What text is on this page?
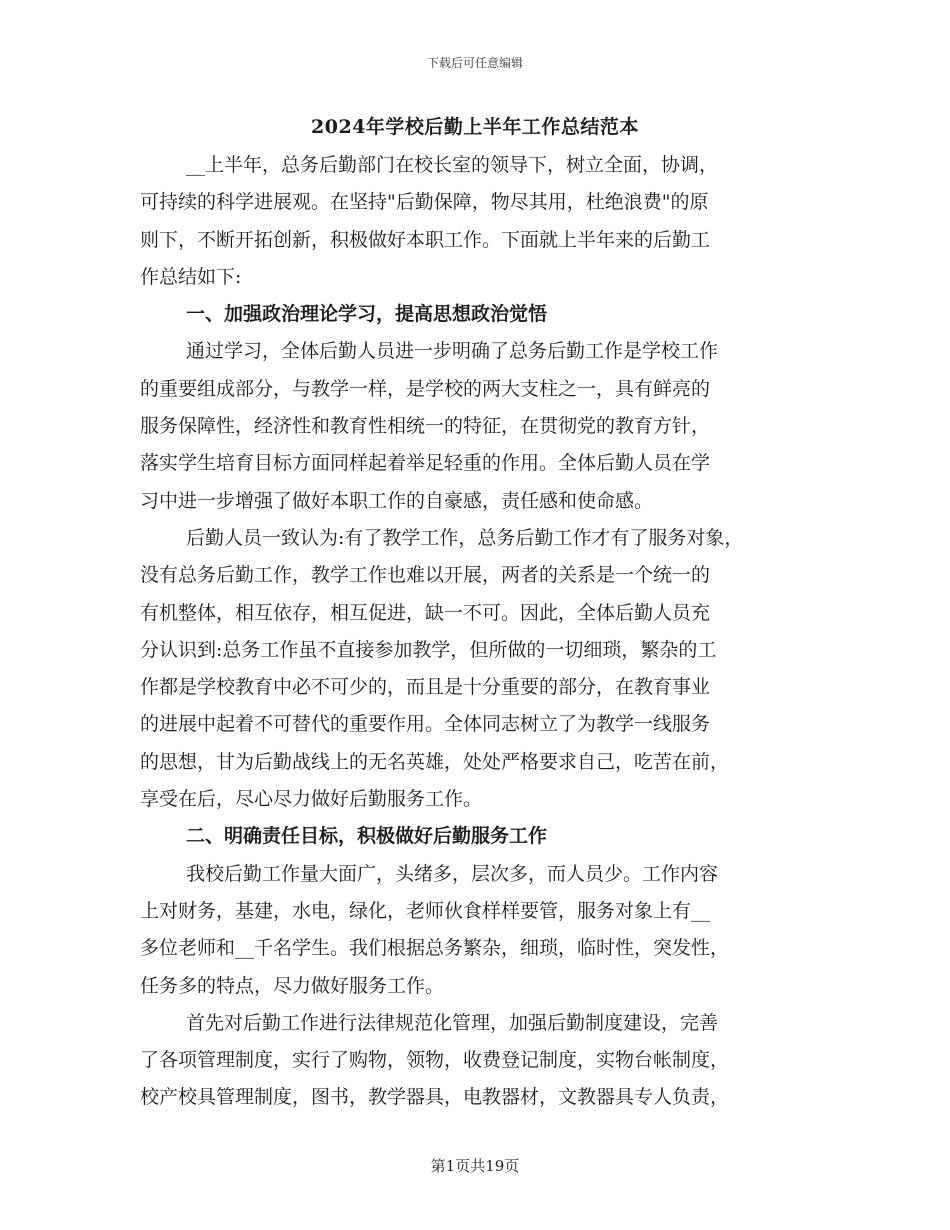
下载后可任意编辑
2024年学校后勤上半年工作总结范本
__上半年，总务后勤部门在校长室的领导下，树立全面，协调，
可持续的科学进展观。在坚持"后勤保障，物尽其用，杜绝浪费"的原
则下，不断开拓创新，积极做好本职工作。下面就上半年来的后勤工
作总结如下:
一、加强政治理论学习，提高思想政治觉悟
通过学习，全体后勤人员进一步明确了总务后勤工作是学校工作
的重要组成部分，与教学一样，是学校的两大支柱之一，具有鲜亮的
服务保障性，经济性和教育性相统一的特征，在贯彻党的教育方针，
落实学生培育目标方面同样起着举足轻重的作用。全体后勤人员在学
习中进一步增强了做好本职工作的自豪感，责任感和使命感。
后勤人员一致认为:有了教学工作，总务后勤工作才有了服务对象，
没有总务后勤工作，教学工作也难以开展，两者的关系是一个统一的
有机整体，相互依存，相互促进，缺一不可。因此，全体后勤人员充
分认识到:总务工作虽不直接参加教学，但所做的一切细琐，繁杂的工
作都是学校教育中必不可少的，而且是十分重要的部分，在教育事业
的进展中起着不可替代的重要作用。全体同志树立了为教学一线服务
的思想，甘为后勤战线上的无名英雄，处处严格要求自己，吃苦在前，
享受在后，尽心尽力做好后勤服务工作。
二、明确责任目标，积极做好后勤服务工作
我校后勤工作量大面广，头绪多，层次多，而人员少。工作内容
上对财务，基建，水电，绿化，老师伙食样样要管，服务对象上有__
多位老师和__千名学生。我们根据总务繁杂，细琐，临时性，突发性，
任务多的特点，尽力做好服务工作。
首先对后勤工作进行法律规范化管理，加强后勤制度建设，完善
了各项管理制度，实行了购物，领物，收费登记制度，实物台帐制度，
校产校具管理制度，图书，教学器具，电教器材，文教器具专人负责，
第1页共19页
